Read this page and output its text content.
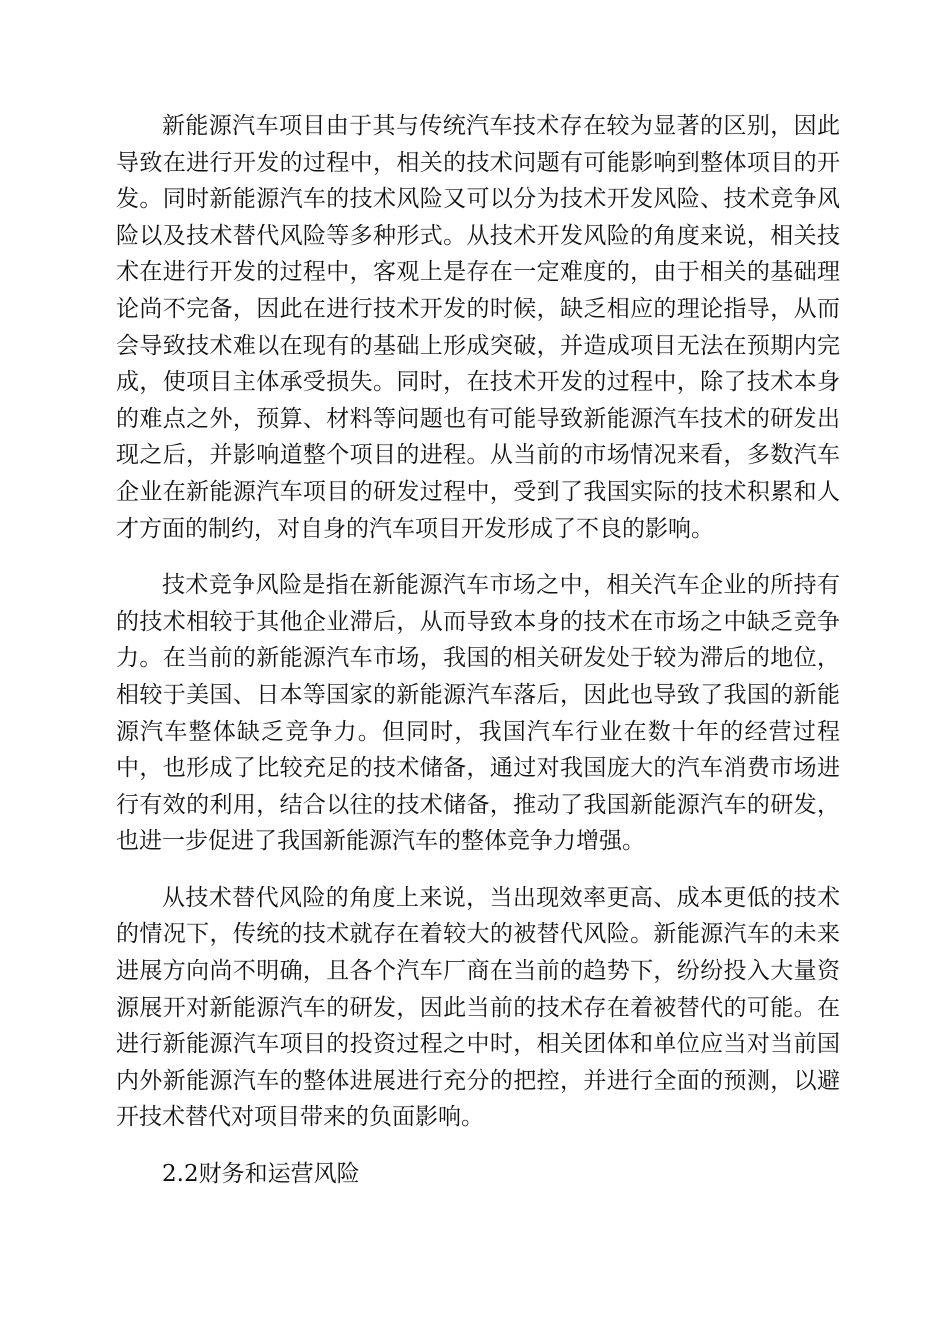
新能源汽车项目由于其与传统汽车技术存在较为显著的区别，因此导致在进行开发的过程中，相关的技术问题有可能影响到整体项目的开发。同时新能源汽车的技术风险又可以分为技术开发风险、技术竞争风险以及技术替代风险等多种形式。从技术开发风险的角度来说，相关技术在进行开发的过程中，客观上是存在一定难度的，由于相关的基础理论尚不完备，因此在进行技术开发的时候，缺乏相应的理论指导，从而会导致技术难以在现有的基础上形成突破，并造成项目无法在预期内完成，使项目主体承受损失。同时，在技术开发的过程中，除了技术本身的难点之外，预算、材料等问题也有可能导致新能源汽车技术的研发出现之后，并影响道整个项目的进程。从当前的市场情况来看，多数汽车企业在新能源汽车项目的研发过程中，受到了我国实际的技术积累和人才方面的制约，对自身的汽车项目开发形成了不良的影响。

技术竞争风险是指在新能源汽车市场之中，相关汽车企业的所持有的技术相较于其他企业滞后，从而导致本身的技术在市场之中缺乏竞争力。在当前的新能源汽车市场，我国的相关研发处于较为滞后的地位，相较于美国、日本等国家的新能源汽车落后，因此也导致了我国的新能源汽车整体缺乏竞争力。但同时，我国汽车行业在数十年的经营过程中，也形成了比较充足的技术储备，通过对我国庞大的汽车消费市场进行有效的利用，结合以往的技术储备，推动了我国新能源汽车的研发，也进一步促进了我国新能源汽车的整体竞争力增强。

从技术替代风险的角度上来说，当出现效率更高、成本更低的技术的情况下，传统的技术就存在着较大的被替代风险。新能源汽车的未来进展方向尚不明确，且各个汽车厂商在当前的趋势下，纷纷投入大量资源展开对新能源汽车的研发，因此当前的技术存在着被替代的可能。在进行新能源汽车项目的投资过程之中时，相关团体和单位应当对当前国内外新能源汽车的整体进展进行充分的把控，并进行全面的预测，以避开技术替代对项目带来的负面影响。

2.2财务和运营风险
